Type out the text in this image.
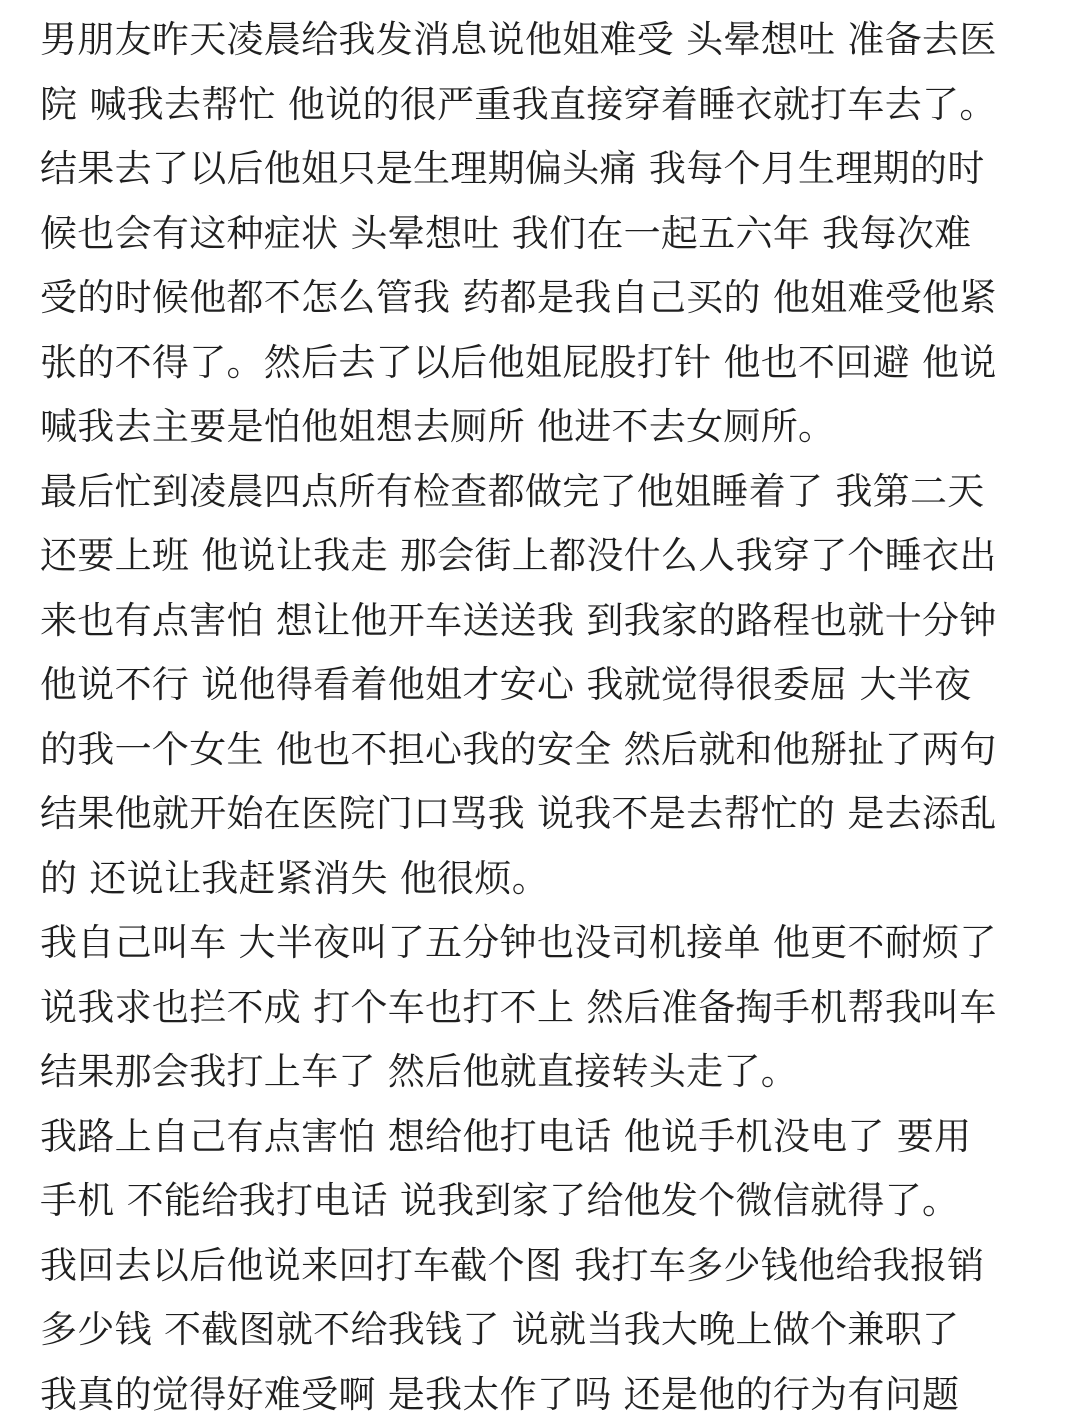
男朋友昨天凌晨给我发消息说他姐难受 头晕想吐 准备去医
院 喊我去帮忙 他说的很严重我直接穿着睡衣就打车去了。
结果去了以后他姐只是生理期偏头痛 我每个月生理期的时
候也会有这种症状 头晕想吐 我们在一起五六年 我每次难
受的时候他都不怎么管我 药都是我自己买的 他姐难受他紧
张的不得了。然后去了以后他姐屁股打针 他也不回避 他说
喊我去主要是怕他姐想去厕所 他进不去女厕所。
最后忙到凌晨四点所有检查都做完了他姐睡着了 我第二天
还要上班 他说让我走 那会街上都没什么人我穿了个睡衣出
来也有点害怕 想让他开车送送我 到我家的路程也就十分钟
他说不行 说他得看着他姐才安心 我就觉得很委屈 大半夜
的我一个女生 他也不担心我的安全 然后就和他掰扯了两句
结果他就开始在医院门口骂我 说我不是去帮忙的 是去添乱
的 还说让我赶紧消失 他很烦。
我自己叫车 大半夜叫了五分钟也没司机接单 他更不耐烦了
说我求也拦不成 打个车也打不上 然后准备掏手机帮我叫车
结果那会我打上车了 然后他就直接转头走了。
我路上自己有点害怕 想给他打电话 他说手机没电了 要用
手机 不能给我打电话 说我到家了给他发个微信就得了。
我回去以后他说来回打车截个图 我打车多少钱他给我报销
多少钱 不截图就不给我钱了 说就当我大晚上做个兼职了
我真的觉得好难受啊 是我太作了吗 还是他的行为有问题
